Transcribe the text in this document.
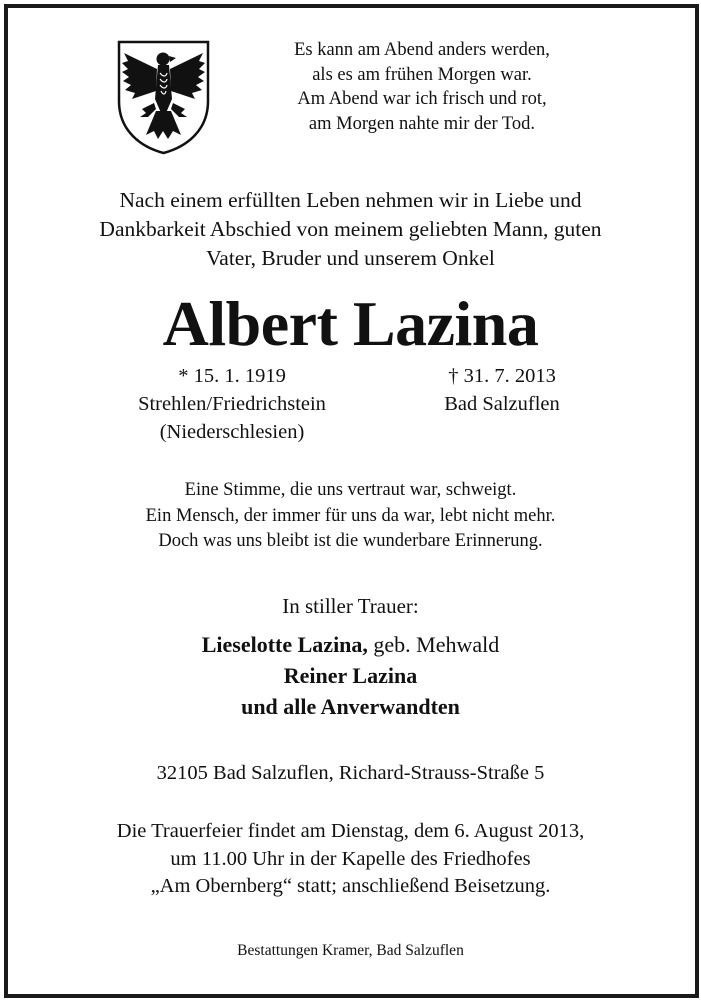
Es kann am Abend anders werden,
als es am frühen Morgen war.
Am Abend war ich frisch und rot,
am Morgen nahte mir der Tod.
Nach einem erfüllten Leben nehmen wir in Liebe und
Dankbarkeit Abschied von meinem geliebten Mann, guten
Vater, Bruder und unserem Onkel
Albert Lazina
* 15. 1. 1919
Strehlen/Friedrichstein
(Niederschlesien)
† 31. 7. 2013
Bad Salzuflen
Eine Stimme, die uns vertraut war, schweigt.
Ein Mensch, der immer für uns da war, lebt nicht mehr.
Doch was uns bleibt ist die wunderbare Erinnerung.
In stiller Trauer:
Lieselotte Lazina, geb. Mehwald
Reiner Lazina
und alle Anverwandten
32105 Bad Salzuflen, Richard-Strauss-Straße 5
Die Trauerfeier findet am Dienstag, dem 6. August 2013,
um 11.00 Uhr in der Kapelle des Friedhofes
„Am Obernberg“ statt; anschließend Beisetzung.
Bestattungen Kramer, Bad Salzuflen
